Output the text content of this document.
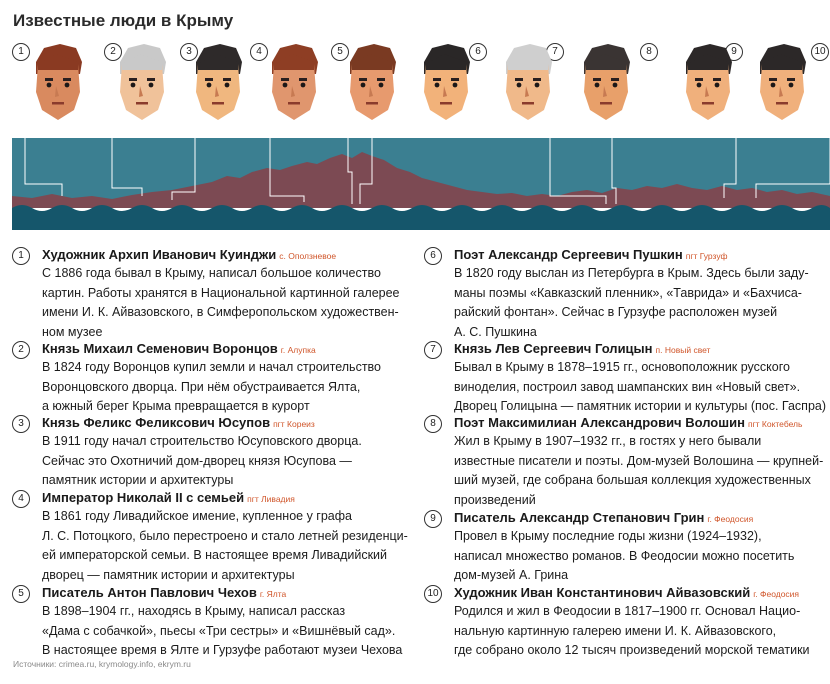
Известные люди в Крыму
1	2	3	4	5	6	7	8	9	10
1	Художник Архип Иванович Куинджи с. Оползневое
С 1886 года бывал в Крыму, написал большое количество
картин. Работы хранятся в Национальной картинной галерее
имени И. К. Айвазовского, в Симферопольском художествен-
ном музее
2	Князь Михаил Семенович Воронцов г. Алупка
В 1824 году Воронцов купил земли и начал строительство
Воронцовского дворца. При нём обустраивается Ялта,
а южный берег Крыма превращается в курорт
3	Князь Феликс Феликсович Юсупов пгт Кореиз
В 1911 году начал строительство Юсуповского дворца.
Сейчас это Охотничий дом-дворец князя Юсупова —
памятник истории и архитектуры
4	Император Николай II с семьей пгт Ливадия
В 1861 году Ливадийское имение, купленное у графа
Л. С. Потоцкого, было перестроено и стало летней резиденци-
ей императорской семьи. В настоящее время Ливадийский
дворец — памятник истории и архитектуры
5	Писатель Антон Павлович Чехов г. Ялта
В 1898–1904 гг., находясь в Крыму, написал рассказ
«Дама с собачкой», пьесы «Три сестры» и «Вишнёвый сад».
В настоящее время в Ялте и Гурзуфе работают музеи Чехова
6	Поэт Александр Сергеевич Пушкин пгт Гурзуф
В 1820 году выслан из Петербурга в Крым. Здесь были заду-
маны поэмы «Кавказский пленник», «Таврида» и «Бахчиса-
райский фонтан». Сейчас в Гурзуфе расположен музей
А. С. Пушкина
7	Князь Лев Сергеевич Голицын п. Новый свет
Бывал в Крыму в 1878–1915 гг., основоположник русского
виноделия, построил завод шампанских вин «Новый свет».
Дворец Голицына — памятник истории и культуры (пос. Гаспра)
8	Поэт Максимилиан Александрович Волошин пгт Коктебель
Жил в Крыму в 1907–1932 гг., в гостях у него бывали
известные писатели и поэты. Дом-музей Волошина — крупней-
ший музей, где собрана большая коллекция художественных
произведений
9	Писатель Александр Степанович Грин г. Феодосия
Провел в Крыму последние годы жизни (1924–1932),
написал множество романов. В Феодосии можно посетить
дом-музей А. Грина
10 Художник Иван Константинович Айвазовский г. Феодосия
Родился и жил в Феодосии в 1817–1900 гг. Основал Нацио-
нальную картинную галерею имени И. К. Айвазовского,
где собрано около 12 тысяч произведений морской тематики
Источники: crimea.ru, krymology.info, ekrym.ru
